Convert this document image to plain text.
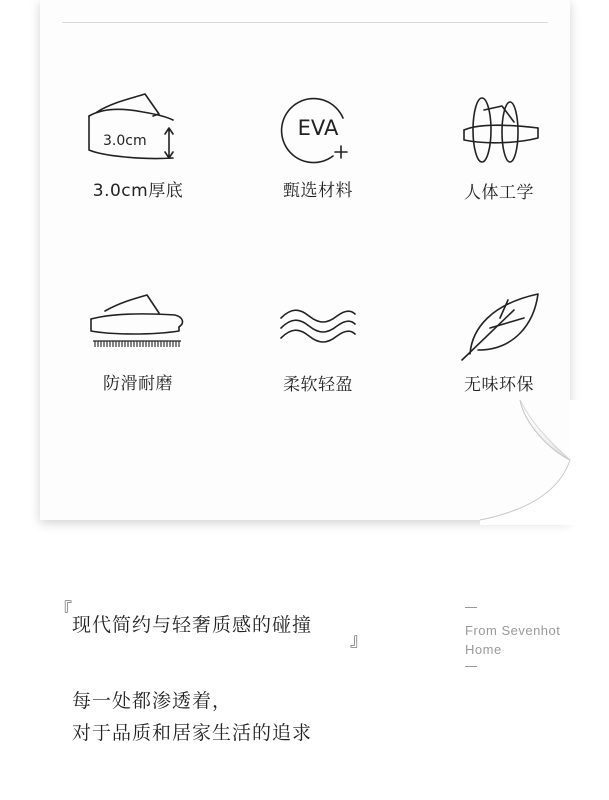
3.0cm
3.0cm厚底
EVA
甄选材料	人体工学
防滑耐磨	柔软轻盈	无味环保
『
现代简约与轻奢质感的碰撞
』	From Sevenhot
Home
每一处都渗透着，
对于品质和居家生活的追求
